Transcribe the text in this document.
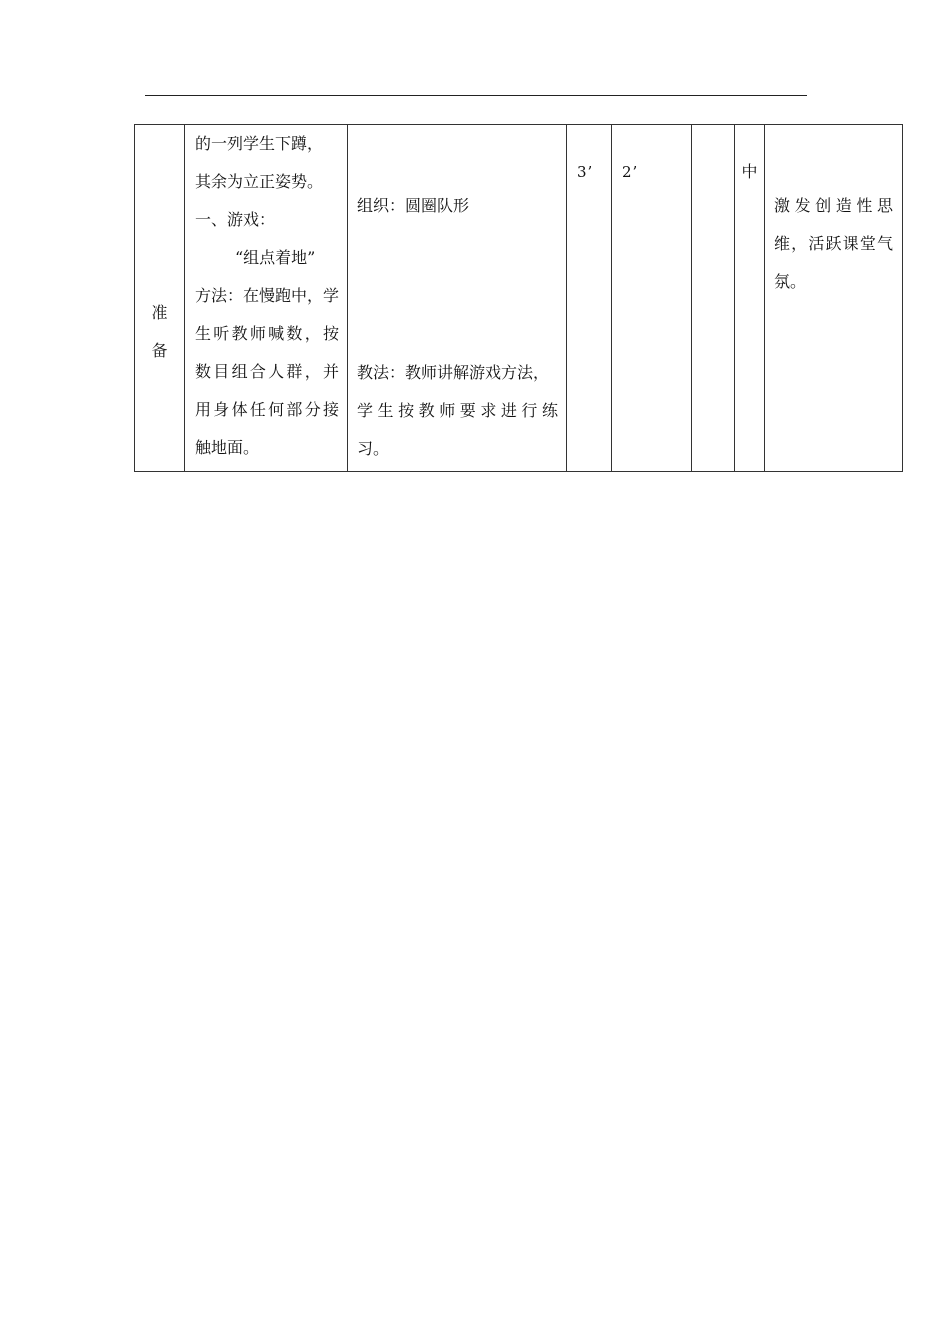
准
备

的一列学生下蹲，
其余为立正姿势。
一、游戏：
“组点着地”
方法：在慢跑中，学
生听教师喊数，按
数目组合人群，并
用身体任何部分接
触地面。

组织：圆圈队形
教法：教师讲解游戏方法，
学生按教师要求进行练
习。

3’	2’		中

激发创造性思
维，活跃课堂气
氛。
